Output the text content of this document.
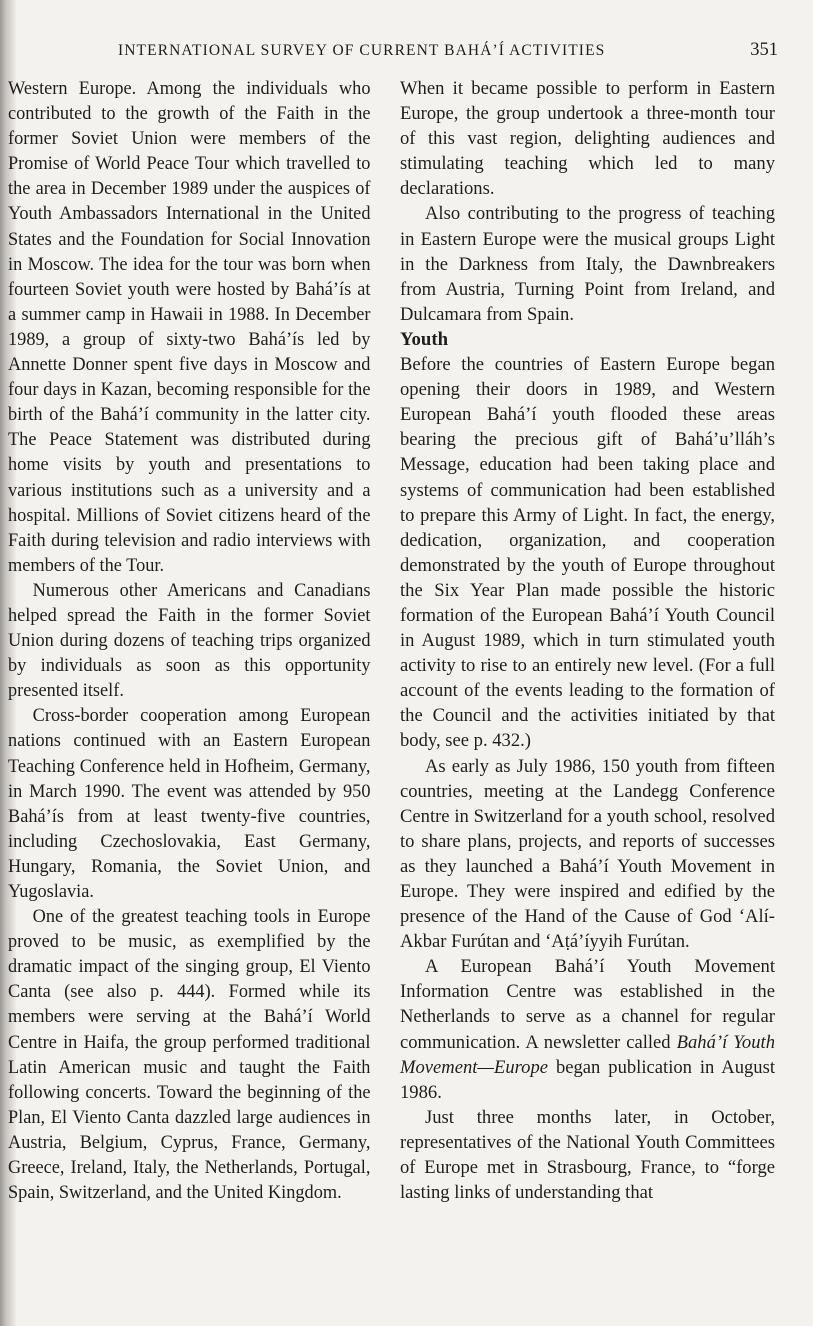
INTERNATIONAL SURVEY OF CURRENT BAHÁ’Í ACTIVITIES	351

Western Europe. Among the individuals who contributed to the growth of the Faith in the former Soviet Union were members of the Promise of World Peace Tour which travelled to the area in December 1989 under the auspices of Youth Ambassadors International in the United States and the Foundation for Social Innovation in Moscow. The idea for the tour was born when fourteen Soviet youth were hosted by Bahá’ís at a summer camp in Hawaii in 1988. In December 1989, a group of sixty-two Bahá’ís led by Annette Donner spent five days in Moscow and four days in Kazan, becoming responsible for the birth of the Bahá’í community in the latter city. The Peace Statement was distributed during home visits by youth and presentations to various institutions such as a university and a hospital. Millions of Soviet citizens heard of the Faith during television and radio interviews with members of the Tour.

Numerous other Americans and Canadians helped spread the Faith in the former Soviet Union during dozens of teaching trips organized by individuals as soon as this opportunity presented itself.

Cross-border cooperation among European nations continued with an Eastern European Teaching Conference held in Hofheim, Germany, in March 1990. The event was attended by 950 Bahá’ís from at least twenty-five countries, including Czechoslovakia, East Germany, Hungary, Romania, the Soviet Union, and Yugoslavia.

One of the greatest teaching tools in Europe proved to be music, as exemplified by the dramatic impact of the singing group, El Viento Canta (see also p. 444). Formed while its members were serving at the Bahá’í World Centre in Haifa, the group performed traditional Latin American music and taught the Faith following concerts. Toward the beginning of the Plan, El Viento Canta dazzled large audiences in Austria, Belgium, Cyprus, France, Germany, Greece, Ireland, Italy, the Netherlands, Portugal, Spain, Switzerland, and the United Kingdom.

When it became possible to perform in Eastern Europe, the group undertook a three-month tour of this vast region, delighting audiences and stimulating teaching which led to many declarations.

Also contributing to the progress of teaching in Eastern Europe were the musical groups Light in the Darkness from Italy, the Dawnbreakers from Austria, Turning Point from Ireland, and Dulcamara from Spain.

Youth

Before the countries of Eastern Europe began opening their doors in 1989, and Western European Bahá’í youth flooded these areas bearing the precious gift of Bahá’u’lláh’s Message, education had been taking place and systems of communication had been established to prepare this Army of Light. In fact, the energy, dedication, organization, and cooperation demonstrated by the youth of Europe throughout the Six Year Plan made possible the historic formation of the European Bahá’í Youth Council in August 1989, which in turn stimulated youth activity to rise to an entirely new level. (For a full account of the events leading to the formation of the Council and the activities initiated by that body, see p. 432.)

As early as July 1986, 150 youth from fifteen countries, meeting at the Landegg Conference Centre in Switzerland for a youth school, resolved to share plans, projects, and reports of successes as they launched a Bahá’í Youth Movement in Europe. They were inspired and edified by the presence of the Hand of the Cause of God ‘Alí-Akbar Furútan and ‘Aṭá’íyyih Furútan.

A European Bahá’í Youth Movement Information Centre was established in the Netherlands to serve as a channel for regular communication. A newsletter called Bahá’í Youth Movement—Europe began publication in August 1986.

Just three months later, in October, representatives of the National Youth Committees of Europe met in Strasbourg, France, to “forge lasting links of understanding that
